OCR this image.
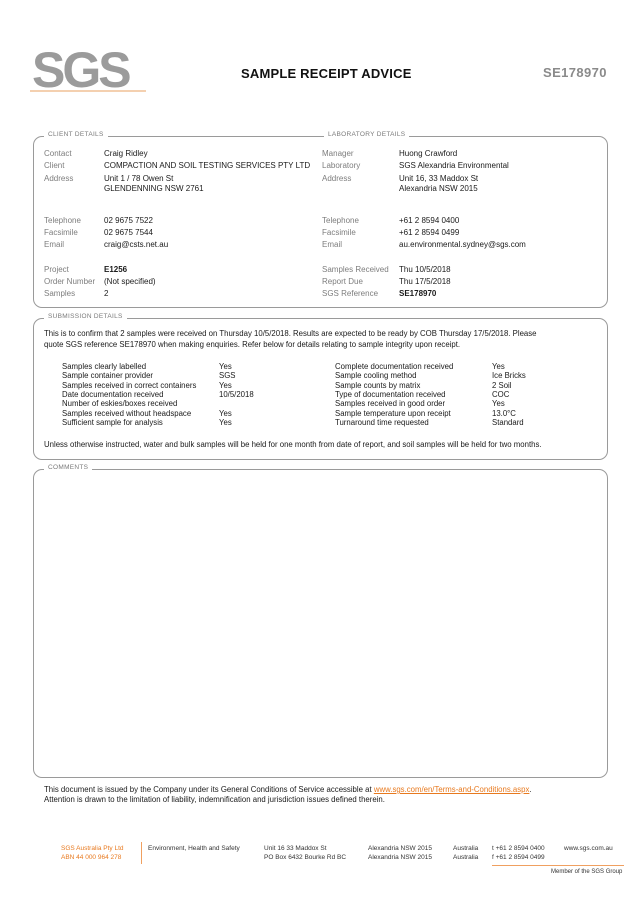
SGS	SAMPLE RECEIPT ADVICE	SE178970
CLIENT DETAILS	LABORATORY DETAILS
Contact	Craig Ridley
Client	COMPACTION AND SOIL TESTING SERVICES PTY LTD
Address	Unit 1 / 78 Owen St
GLENDENNING NSW 2761
Telephone	02 9675 7522
Facsimile	02 9675 7544
Email	craig@csts.net.au
Project	E1256
Order Number (Not specified)
Samples	2
Manager	Huong Crawford
Laboratory	SGS Alexandria Environmental
Address	Unit 16, 33 Maddox St
Alexandria NSW 2015
Telephone	+61 2 8594 0400
Facsimile	+61 2 8594 0499
Email	au.environmental.sydney@sgs.com
Samples Received Thu 10/5/2018
Report Due	Thu 17/5/2018
SGS Reference	SE178970
SUBMISSION DETAILS
This is to confirm that 2 samples were received on Thursday 10/5/2018. Results are expected to be ready by COB Thursday 17/5/2018. Please
quote SGS reference SE178970 when making enquiries. Refer below for details relating to sample integrity upon receipt.
Samples clearly labelled	Yes
Sample container provider	SGS
Samples received in correct containers	Yes
Date documentation received	10/5/2018
Number of eskies/boxes received
Samples received without headspace	Yes
Sufficient sample for analysis	Yes
Complete documentation received	Yes
Sample cooling method	Ice Bricks
Sample counts by matrix	2 Soil
Type of documentation received	COC
Samples received in good order	Yes
Sample temperature upon receipt	13.0°C
Turnaround time requested	Standard
Unless otherwise instructed, water and bulk samples will be held for one month from date of report, and soil samples will be held for two months.
COMMENTS
This document is issued by the Company under its General Conditions of Service accessible at www.sgs.com/en/Terms-and-Conditions.aspx.
Attention is drawn to the limitation of liability, indemnification and jurisdiction issues defined therein.
SGS Australia Pty Ltd
ABN 44 000 964 278
Environment, Health and Safety	Unit 16 33 Maddox St
PO Box 6432 Bourke Rd BC
Alexandria NSW 2015
Alexandria NSW 2015
Australia
Australia
t +61 2 8594 0400
f +61 2 8594 0499
www.sgs.com.au
Member of the SGS Group
